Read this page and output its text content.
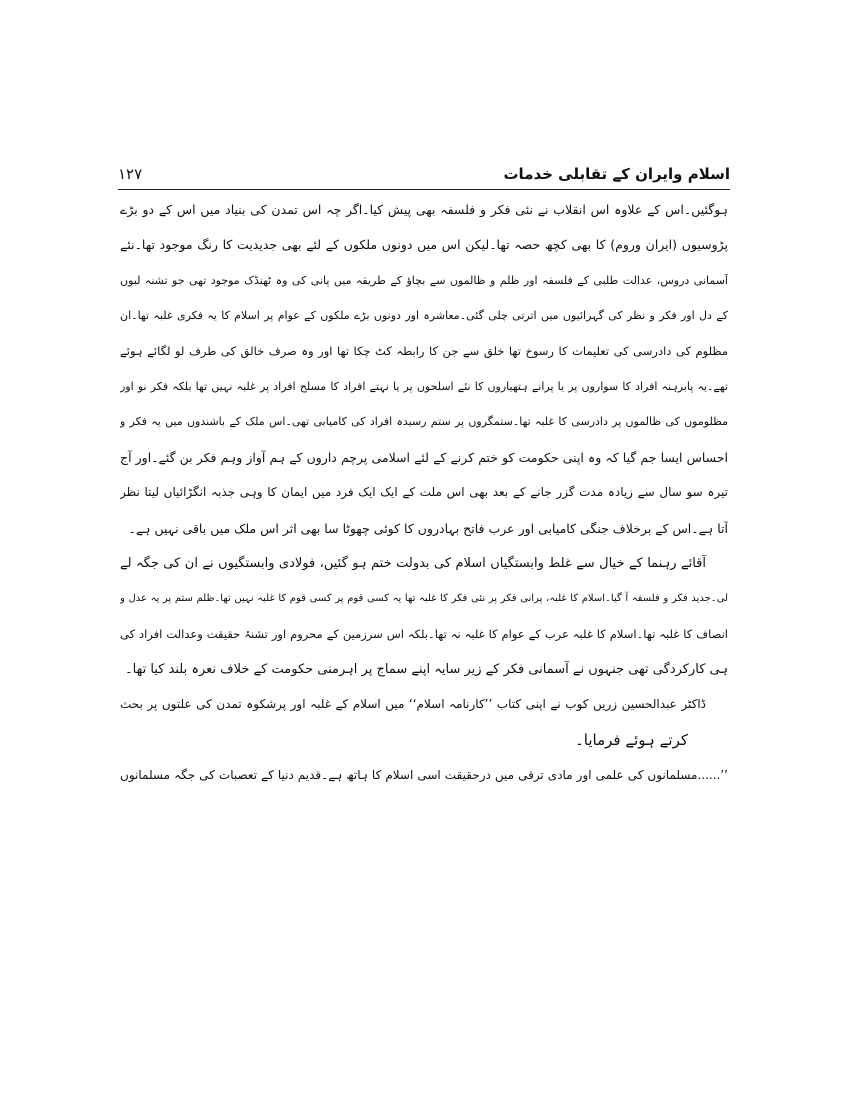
اسلام وایران کے تقابلی خدمات
۱۲۷
ہوگئیں۔اس کے علاوہ اس انقلاب نے نئی فکر و فلسفہ بھی پیش کیا۔اگر چہ اس تمدن کی بنیاد میں اس کے دو بڑے
پڑوسیوں (ایران وروم) کا بھی کچھ حصہ تھا۔لیکن اس میں دونوں ملکوں کے لئے بھی جدیدیت کا رنگ موجود تھا۔نئے
آسمانی دروس، عدالت طلبی کے فلسفہ اور ظلم و ظالموں سے بچاؤ کے طریقہ میں پانی کی وہ ٹھنڈک موجود تھی جو تشنہ لبوں
کے دل اور فکر و نظر کی گہرائیوں میں اترتی چلی گئی۔معاشرہ اور دونوں بڑے ملکوں کے عوام پر اسلام کا یہ فکری غلبہ تھا۔ان
مظلوم کی دادرسی کی تعلیمات کا رسوخ تھا خلق سے جن کا رابطہ کٹ چکا تھا اور وہ صرف خالق کی طرف لو لگائے ہوئے
تھے۔یہ پابرہنہ افراد کا سواروں پر یا پرانے ہتھیاروں کا نئے اسلحوں پر یا نہتے افراد کا مسلح افراد پر غلبہ نہیں تھا بلکہ فکر نو اور
مظلوموں کی ظالموں پر دادرسی کا غلبہ تھا۔ستمگروں پر ستم رسیدہ افراد کی کامیابی تھی۔اس ملک کے باشندوں میں یہ فکر و
احساس ایسا جم گیا کہ وہ اپنی حکومت کو ختم کرنے کے لئے اسلامی پرچم داروں کے ہم آواز وہم فکر بن گئے۔اور آج
تیرہ سو سال سے زیادہ مدت گزر جانے کے بعد بھی اس ملت کے ایک ایک فرد میں ایمان کا وہی جذبہ انگڑائیاں لیتا نظر
آتا ہے۔اس کے برخلاف جنگی کامیابی اور عرب فاتح بہادروں کا کوئی چھوٹا سا بھی اثر اس ملک میں باقی نہیں ہے۔
آقائے رہنما کے خیال سے غلط وابستگیاں اسلام کی بدولت ختم ہو گئیں، فولادی وابستگیوں نے ان کی جگہ لے
لی۔جدید فکر و فلسفہ آ گیا۔اسلام کا غلبہ، پرانی فکر پر نئی فکر کا غلبہ تھا یہ کسی قوم پر کسی قوم کا غلبہ نہیں تھا۔ظلم ستم پر یہ عدل و
انصاف کا غلبہ تھا۔اسلام کا غلبہ عرب کے عوام کا غلبہ نہ تھا۔بلکہ اس سرزمین کے محروم اور تشنۂ حقیقت وعدالت افراد کی
ہی کارکردگی تھی جنہوں نے آسمانی فکر کے زیر سایہ اپنے سماج پر اہرمنی حکومت کے خلاف نعرہ بلند کیا تھا۔
ڈاکٹر عبدالحسین زریں کوب نے اپنی کتاب ’’کارنامہ اسلام‘‘ میں اسلام کے غلبہ اور پرشکوہ تمدن کی علتوں پر بحث
کرتے ہوئے فرمایا۔
’’......مسلمانوں کی علمی اور مادی ترقی میں درحقیقت اسی اسلام کا ہاتھ ہے۔قدیم دنیا کے تعصبات کی جگہ مسلمانوں
